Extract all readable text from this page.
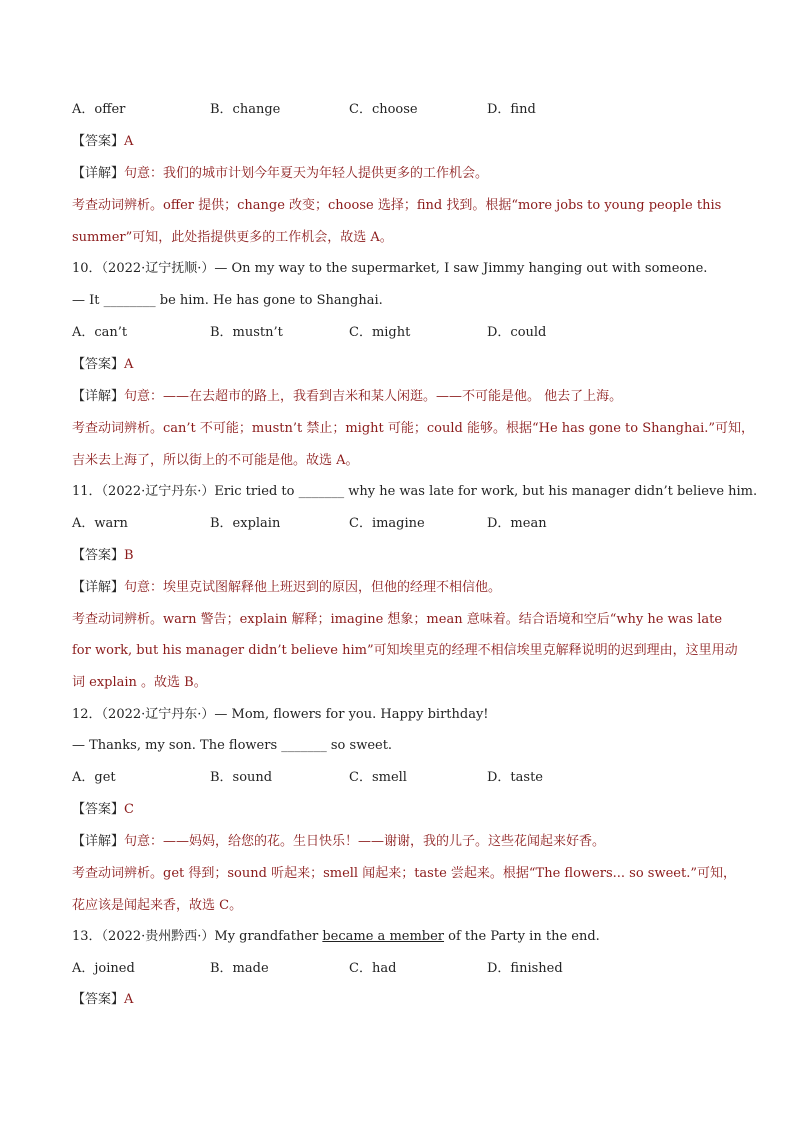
A．offer	B．change	C．choose	D．find
【答案】A
【详解】句意：我们的城市计划今年夏天为年轻人提供更多的工作机会。
考查动词辨析。offer 提供；change 改变；choose 选择；find 找到。根据“more jobs to young people this
summer”可知，此处指提供更多的工作机会，故选 A。
10．（2022·辽宁抚顺·）— On my way to the supermarket, I saw Jimmy hanging out with someone.
— It ________ be him. He has gone to Shanghai.
A．can’t	B．mustn’t	C．might	D．could
【答案】A
【详解】句意：——在去超市的路上，我看到吉米和某人闲逛。——不可能是他。 他去了上海。
考查动词辨析。can’t 不可能；mustn’t 禁止；might 可能；could 能够。根据“He has gone to Shanghai.”可知，
吉米去上海了，所以街上的不可能是他。故选 A。
11．（2022·辽宁丹东·）Eric tried to _______ why he was late for work, but his manager didn’t believe him.
A．warn	B．explain	C．imagine	D．mean
【答案】B
【详解】句意：埃里克试图解释他上班迟到的原因，但他的经理不相信他。
考查动词辨析。warn 警告；explain 解释；imagine 想象；mean 意味着。结合语境和空后“why he was late
for work, but his manager didn’t believe him”可知埃里克的经理不相信埃里克解释说明的迟到理由，这里用动
词 explain 。故选 B。
12．（2022·辽宁丹东·）— Mom, flowers for you. Happy birthday!
— Thanks, my son. The flowers _______ so sweet.
A．get	B．sound	C．smell	D．taste
【答案】C
【详解】句意：——妈妈，给您的花。生日快乐！——谢谢，我的儿子。这些花闻起来好香。
考查动词辨析。get 得到；sound 听起来；smell 闻起来；taste 尝起来。根据“The flowers... so sweet.”可知，
花应该是闻起来香，故选 C。
13．（2022·贵州黔西·）My grandfather became a member of the Party in the end.
A．joined	B．made	C．had	D．finished
【答案】A
